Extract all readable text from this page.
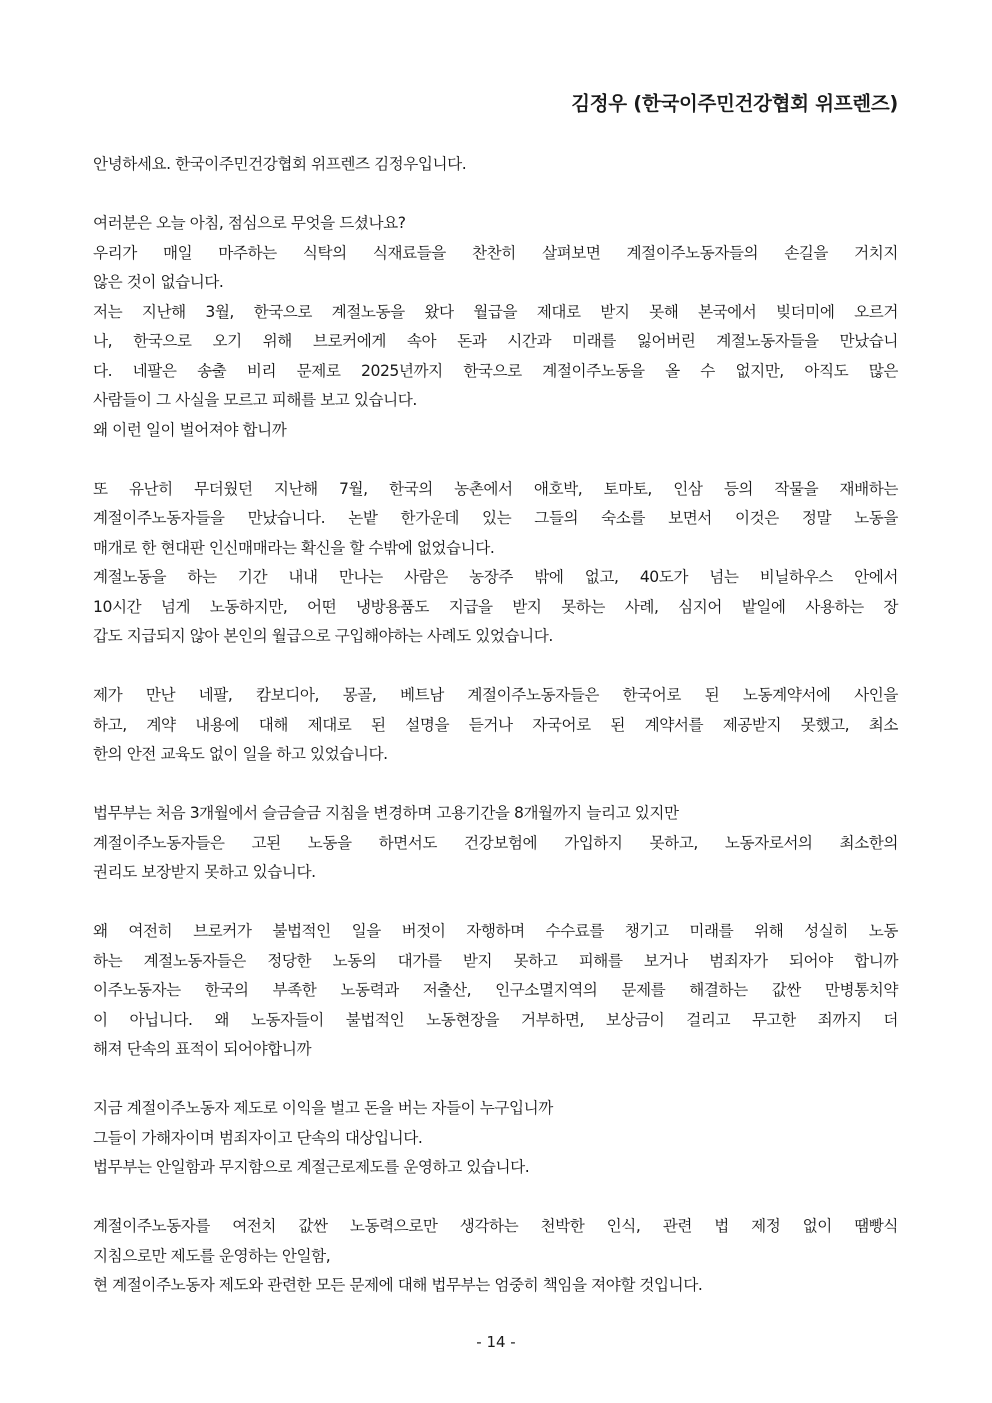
김정우 (한국이주민건강협회 위프렌즈)
안녕하세요. 한국이주민건강협회 위프렌즈 김정우입니다.
여러분은 오늘 아침, 점심으로 무엇을 드셨나요?
우리가 매일 마주하는 식탁의 식재료들을 찬찬히 살펴보면 계절이주노동자들의 손길을 거치지
않은 것이 없습니다.
저는 지난해 3월, 한국으로 계절노동을 왔다 월급을 제대로 받지 못해 본국에서 빚더미에 오르거
나, 한국으로 오기 위해 브로커에게 속아 돈과 시간과 미래를 잃어버린 계절노동자들을 만났습니
다. 네팔은 송출 비리 문제로 2025년까지 한국으로 계절이주노동을 올 수 없지만, 아직도 많은
사람들이 그 사실을 모르고 피해를 보고 있습니다.
왜 이런 일이 벌어져야 합니까
또 유난히 무더웠던 지난해 7월, 한국의 농촌에서 애호박, 토마토, 인삼 등의 작물을 재배하는
계절이주노동자들을 만났습니다. 논밭 한가운데 있는 그들의 숙소를 보면서 이것은 정말 노동을
매개로 한 현대판 인신매매라는 확신을 할 수밖에 없었습니다.
계절노동을 하는 기간 내내 만나는 사람은 농장주 밖에 없고, 40도가 넘는 비닐하우스 안에서
10시간 넘게 노동하지만, 어떤 냉방용품도 지급을 받지 못하는 사례, 심지어 밭일에 사용하는 장
갑도 지급되지 않아 본인의 월급으로 구입해야하는 사례도 있었습니다.
제가 만난 네팔, 캄보디아, 몽골, 베트남 계절이주노동자들은 한국어로 된 노동계약서에 사인을
하고, 계약 내용에 대해 제대로 된 설명을 듣거나 자국어로 된 계약서를 제공받지 못했고, 최소
한의 안전 교육도 없이 일을 하고 있었습니다.
법무부는 처음 3개월에서 슬금슬금 지침을 변경하며 고용기간을 8개월까지 늘리고 있지만
계절이주노동자들은 고된 노동을 하면서도 건강보험에 가입하지 못하고, 노동자로서의 최소한의
권리도 보장받지 못하고 있습니다.
왜 여전히 브로커가 불법적인 일을 버젓이 자행하며 수수료를 챙기고 미래를 위해 성실히 노동
하는 계절노동자들은 정당한 노동의 대가를 받지 못하고 피해를 보거나 범죄자가 되어야 합니까
이주노동자는 한국의 부족한 노동력과 저출산, 인구소멸지역의 문제를 해결하는 값싼 만병통치약
이 아닙니다. 왜 노동자들이 불법적인 노동현장을 거부하면, 보상금이 걸리고 무고한 죄까지 더
해져 단속의 표적이 되어야합니까
지금 계절이주노동자 제도로 이익을 벌고 돈을 버는 자들이 누구입니까
그들이 가해자이며 범죄자이고 단속의 대상입니다.
법무부는 안일함과 무지함으로 계절근로제도를 운영하고 있습니다.
계절이주노동자를 여전치 값싼 노동력으로만 생각하는 천박한 인식, 관련 법 제정 없이 땜빵식
지침으로만 제도를 운영하는 안일함,
현 계절이주노동자 제도와 관련한 모든 문제에 대해 법무부는 엄중히 책임을 져야할 것입니다.
- 14 -
